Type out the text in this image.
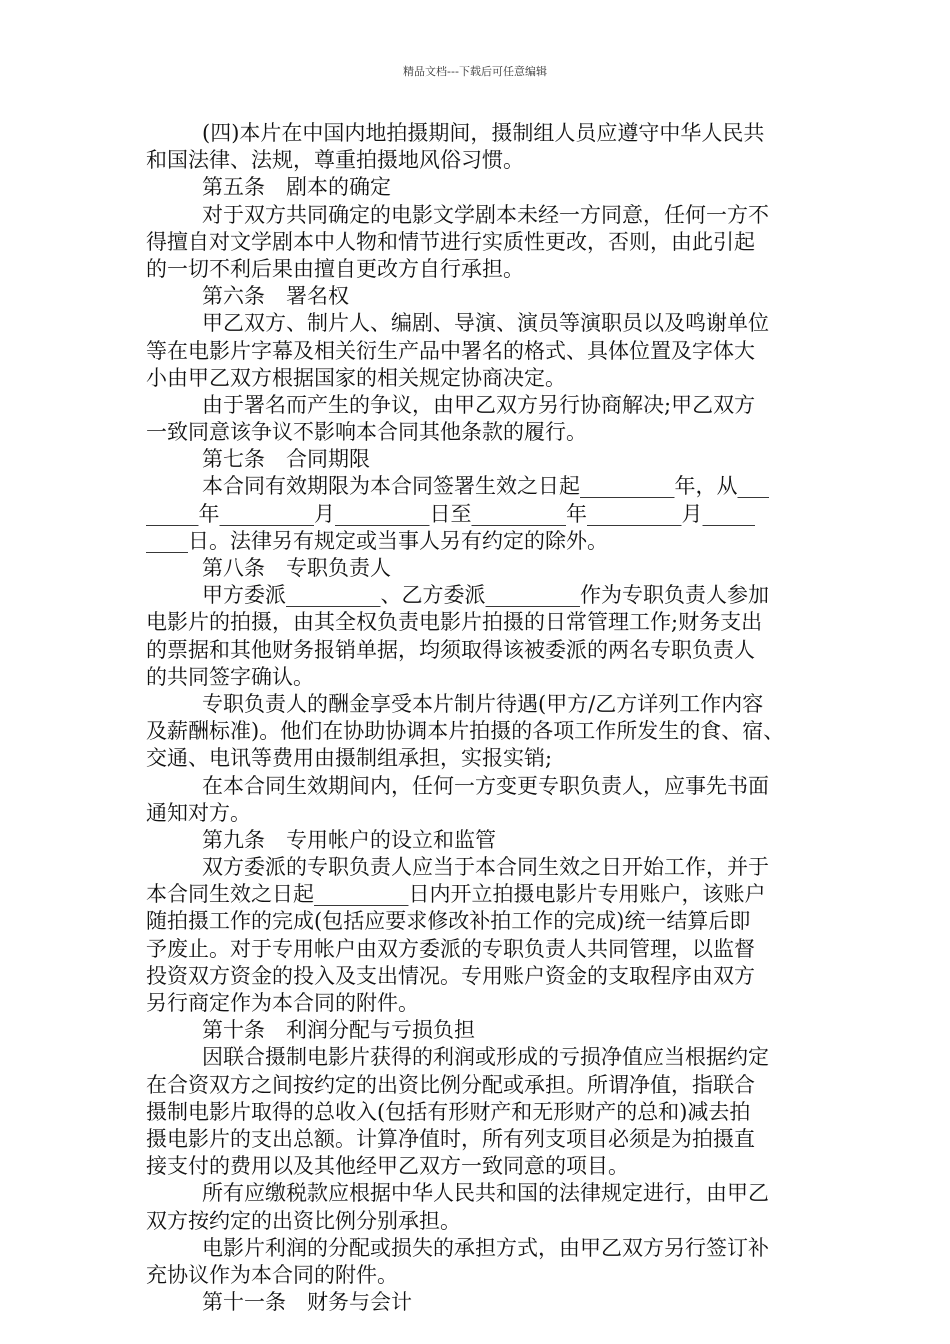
精品文档---下载后可任意编辑
(四)本片在中国内地拍摄期间，摄制组人员应遵守中华人民共
和国法律、法规，尊重拍摄地风俗习惯。
第五条　剧本的确定
对于双方共同确定的电影文学剧本未经一方同意，任何一方不
得擅自对文学剧本中人物和情节进行实质性更改，否则，由此引起
的一切不利后果由擅自更改方自行承担。
第六条　署名权
甲乙双方、制片人、编剧、导演、演员等演职员以及鸣谢单位
等在电影片字幕及相关衍生产品中署名的格式、具体位置及字体大
小由甲乙双方根据国家的相关规定协商决定。
由于署名而产生的争议，由甲乙双方另行协商解决;甲乙双方
一致同意该争议不影响本合同其他条款的履行。
第七条　合同期限
本合同有效期限为本合同签署生效之日起_________年，从___
_____年_________月_________日至_________年_________月_____
____日。法律另有规定或当事人另有约定的除外。
第八条　专职负责人
甲方委派_________、乙方委派_________作为专职负责人参加
电影片的拍摄，由其全权负责电影片拍摄的日常管理工作;财务支出
的票据和其他财务报销单据，均须取得该被委派的两名专职负责人
的共同签字确认。
专职负责人的酬金享受本片制片待遇(甲方/乙方详列工作内容
及薪酬标准)。他们在协助协调本片拍摄的各项工作所发生的食、宿、
交通、电讯等费用由摄制组承担，实报实销;
在本合同生效期间内，任何一方变更专职负责人，应事先书面
通知对方。
第九条　专用帐户的设立和监管
双方委派的专职负责人应当于本合同生效之日开始工作，并于
本合同生效之日起_________日内开立拍摄电影片专用账户，该账户
随拍摄工作的完成(包括应要求修改补拍工作的完成)统一结算后即
予废止。对于专用帐户由双方委派的专职负责人共同管理，以监督
投资双方资金的投入及支出情况。专用账户资金的支取程序由双方
另行商定作为本合同的附件。
第十条　利润分配与亏损负担
因联合摄制电影片获得的利润或形成的亏损净值应当根据约定
在合资双方之间按约定的出资比例分配或承担。所谓净值，指联合
摄制电影片取得的总收入(包括有形财产和无形财产的总和)减去拍
摄电影片的支出总额。计算净值时，所有列支项目必须是为拍摄直
接支付的费用以及其他经甲乙双方一致同意的项目。
所有应缴税款应根据中华人民共和国的法律规定进行，由甲乙
双方按约定的出资比例分别承担。
电影片利润的分配或损失的承担方式，由甲乙双方另行签订补
充协议作为本合同的附件。
第十一条　财务与会计
